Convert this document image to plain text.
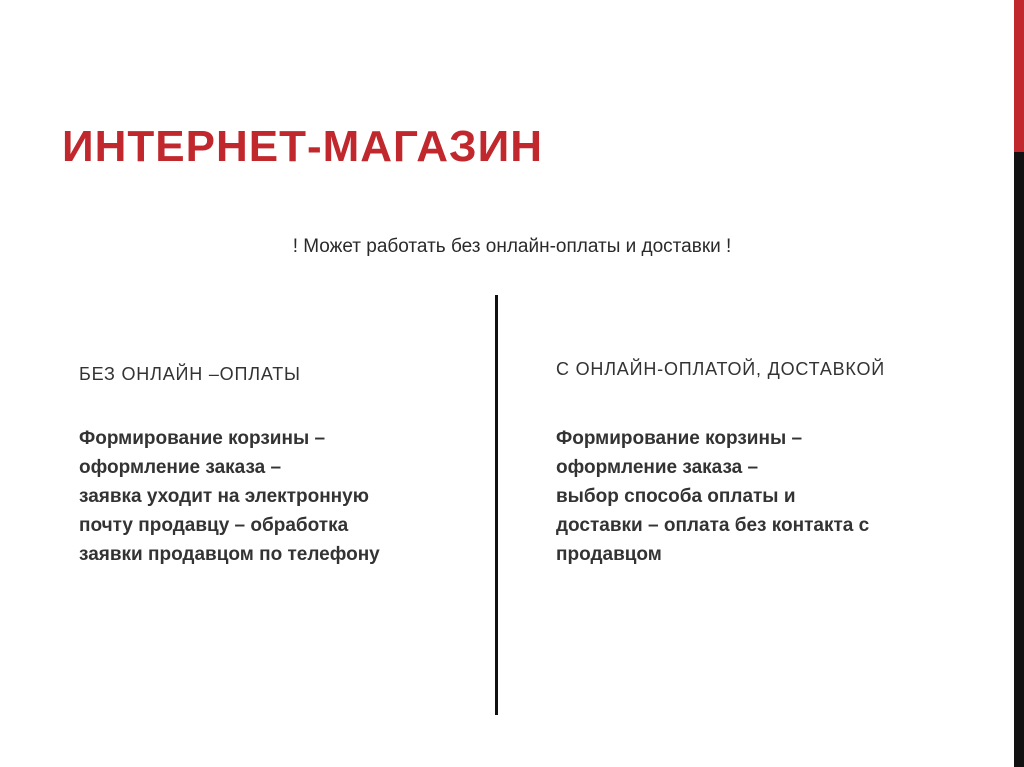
ИНТЕРНЕТ-МАГАЗИН
! Может работать без онлайн-оплаты и доставки !
БЕЗ ОНЛАЙН –ОПЛАТЫ
Формирование корзины –
оформление заказа –
заявка уходит на электронную
почту продавцу – обработка
заявки продавцом по телефону
С ОНЛАЙН-ОПЛАТОЙ, ДОСТАВКОЙ
Формирование корзины –
оформление заказа –
выбор способа оплаты и
доставки – оплата без контакта с
продавцом
